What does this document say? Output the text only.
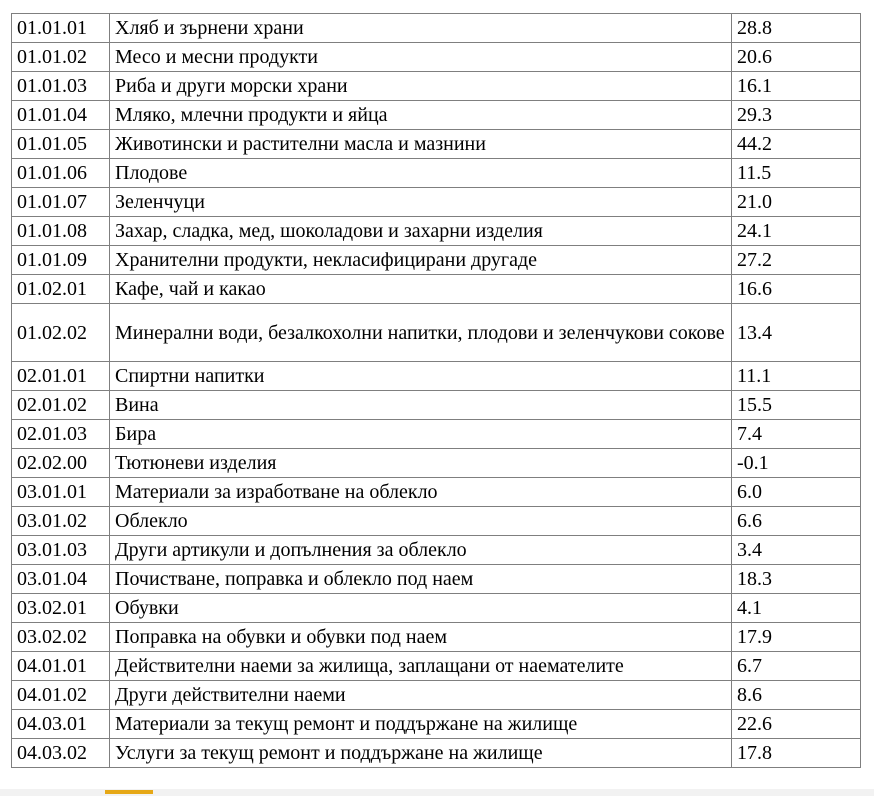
01.01.01	Хляб и зърнени храни	28.8
01.01.02	Месо и месни продукти	20.6
01.01.03	Риба и други морски храни	16.1
01.01.04	Мляко, млечни продукти и яйца	29.3
01.01.05	Животински и растителни масла и мазнини	44.2
01.01.06	Плодове	11.5
01.01.07	Зеленчуци	21.0
01.01.08	Захар, сладка, мед, шоколадови и захарни изделия	24.1
01.01.09	Хранителни продукти, некласифицирани другаде	27.2
01.02.01	Кафе, чай и какао	16.6
01.02.02	Минерални води, безалкохолни напитки, плодови и зеленчукови сокове	13.4
02.01.01	Спиртни напитки	11.1
02.01.02	Вина	15.5
02.01.03	Бира	7.4
02.02.00	Тютюневи изделия	-0.1
03.01.01	Материали за изработване на облекло	6.0
03.01.02	Облекло	6.6
03.01.03	Други артикули и допълнения за облекло	3.4
03.01.04	Почистване, поправка и облекло под наем	18.3
03.02.01	Обувки	4.1
03.02.02	Поправка на обувки и обувки под наем	17.9
04.01.01	Действителни наеми за жилища, заплащани от наемателите	6.7
04.01.02	Други действителни наеми	8.6
04.03.01	Материали за текущ ремонт и поддържане на жилище	22.6
04.03.02	Услуги за текущ ремонт и поддържане на жилище	17.8
